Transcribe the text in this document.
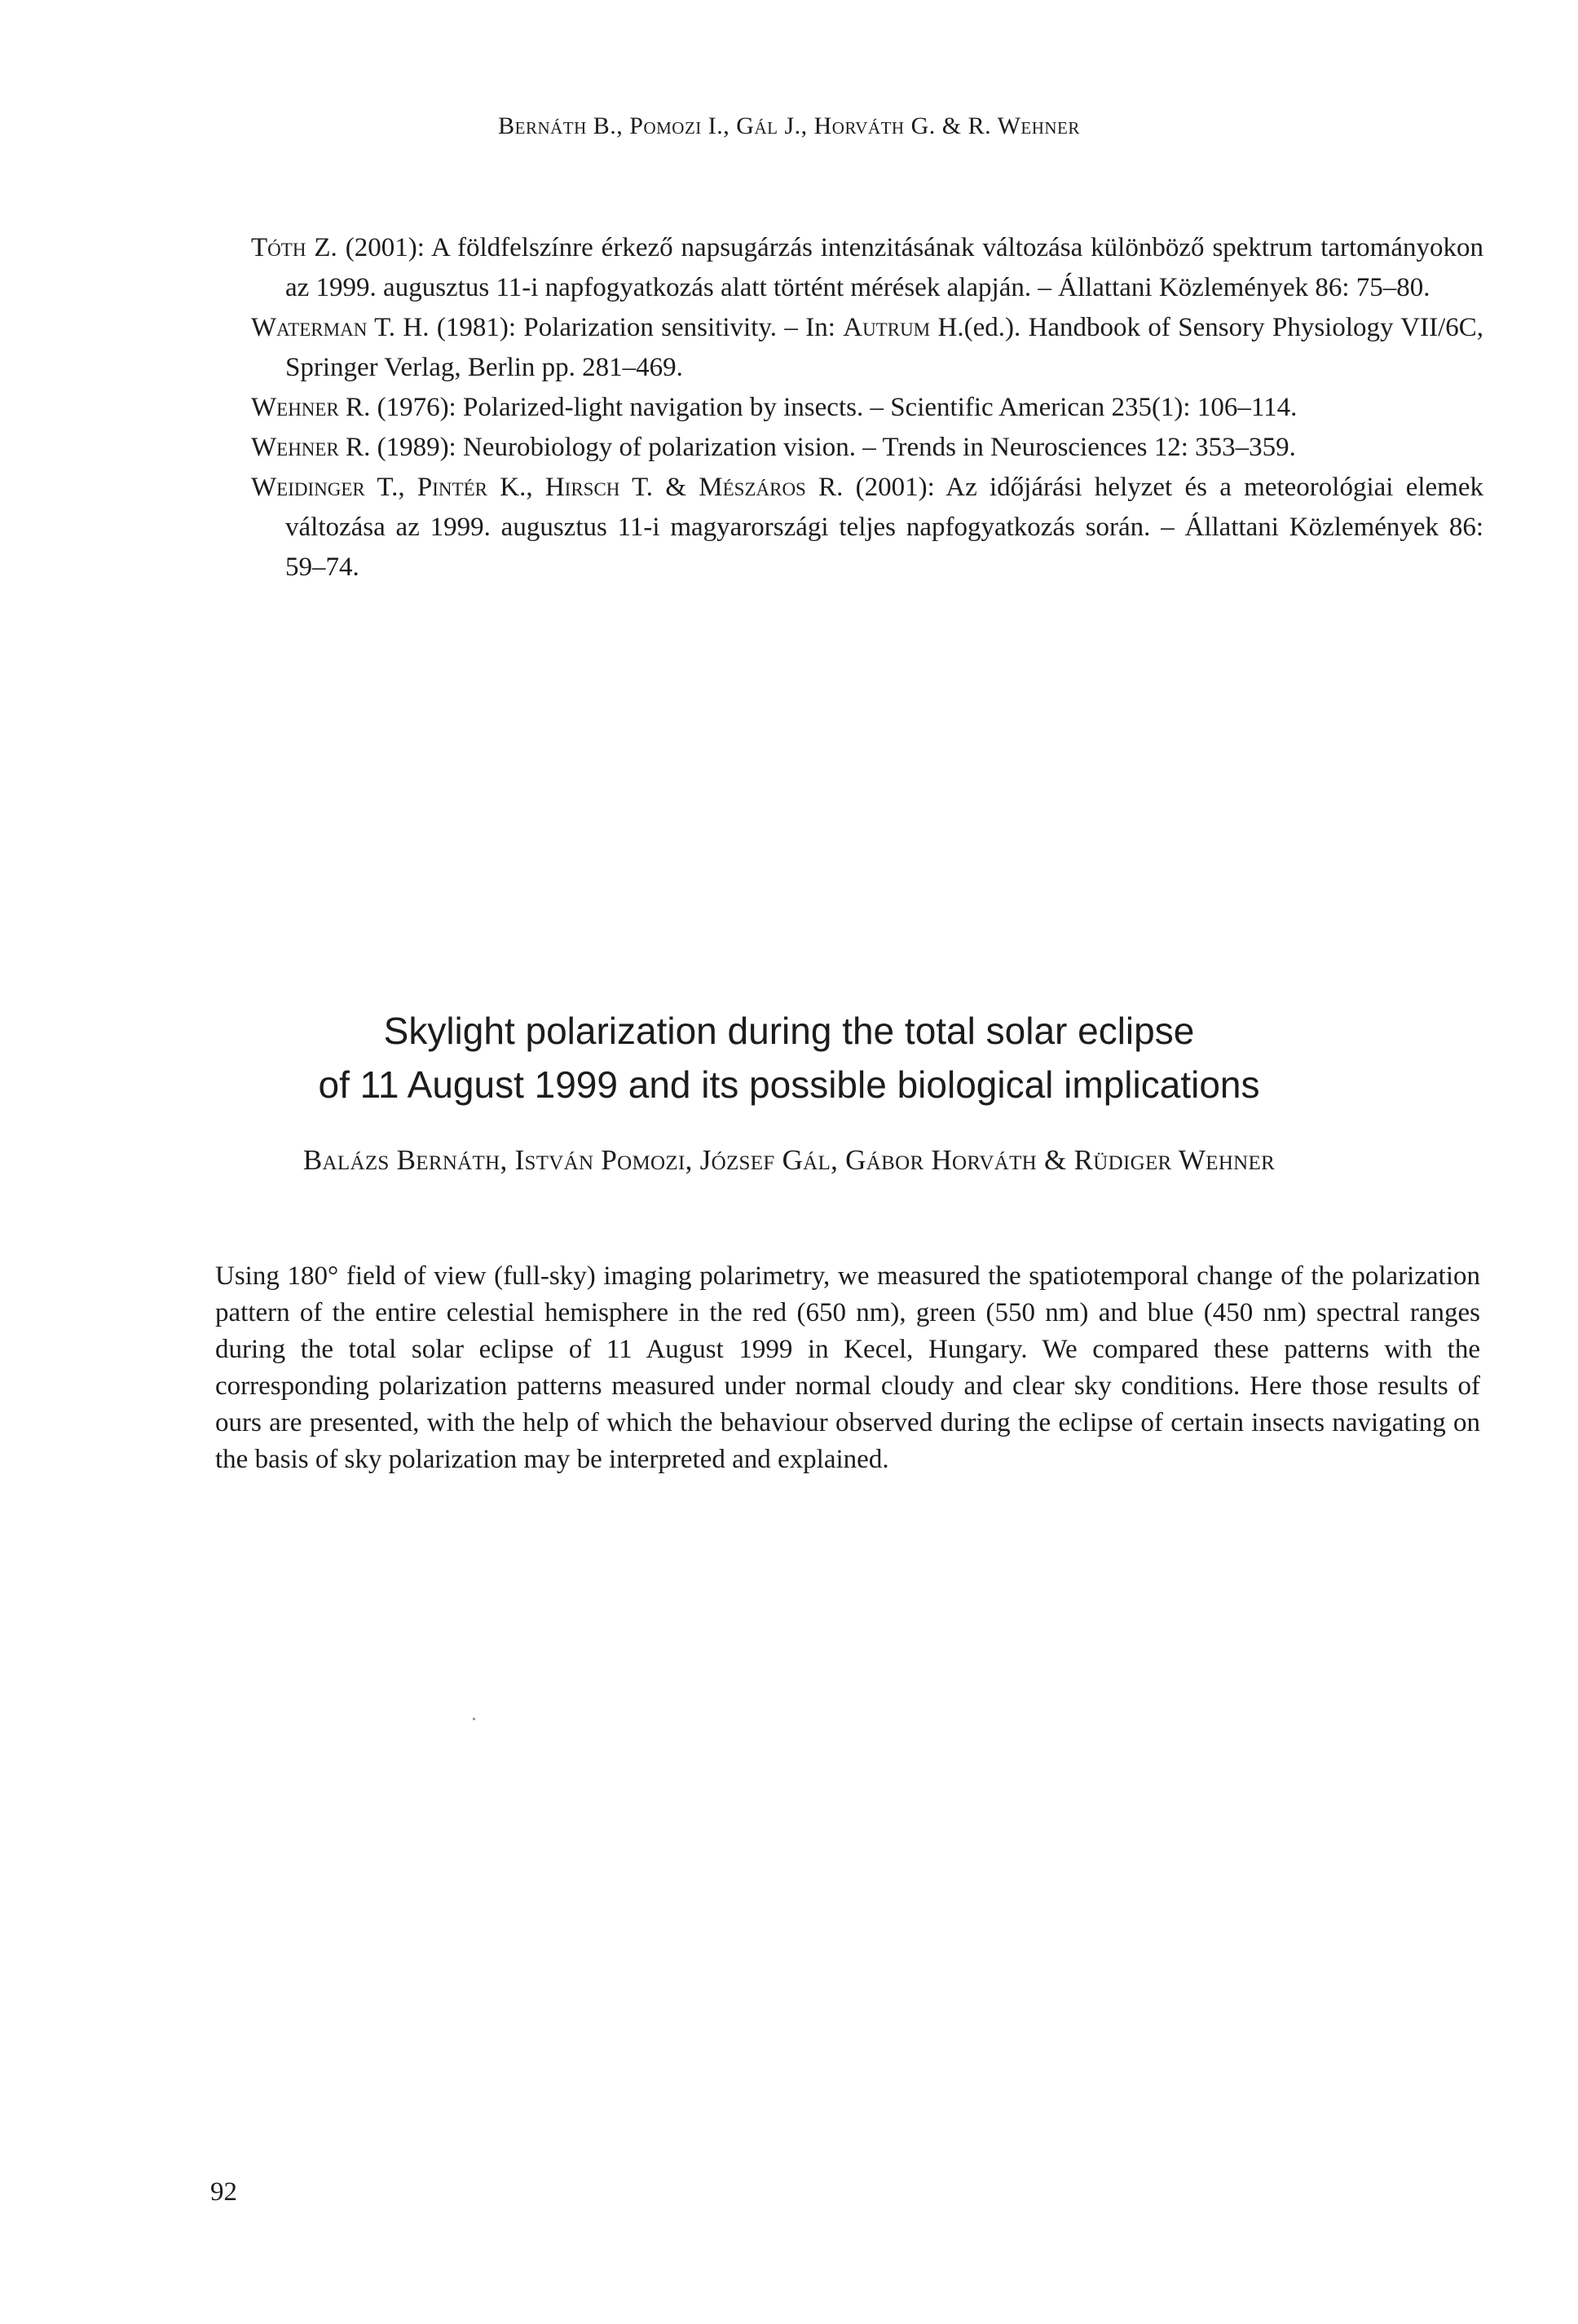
Bernáth B., Pomozi I., Gál J., Horváth G. & R. Wehner
Tóth Z. (2001): A földfelszínre érkező napsugárzás intenzitásának változása különböző spektrum tartományokon az 1999. augusztus 11-i napfogyatkozás alatt történt mérések alapján. – Állattani Közlemények 86: 75–80.
Waterman T. H. (1981): Polarization sensitivity. – In: Autrum H.(ed.). Handbook of Sensory Physiology VII/6C, Springer Verlag, Berlin pp. 281–469.
Wehner R. (1976): Polarized-light navigation by insects. – Scientific American 235(1): 106–114.
Wehner R. (1989): Neurobiology of polarization vision. – Trends in Neurosciences 12: 353–359.
Weidinger T., Pintér K., Hirsch T. & Mészáros R. (2001): Az időjárási helyzet és a meteorológiai elemek változása az 1999. augusztus 11-i magyarországi teljes napfogyatkozás során. – Állattani Közlemények 86: 59–74.
Skylight polarization during the total solar eclipse
of 11 August 1999 and its possible biological implications

Balázs Bernáth, István Pomozi, József Gál, Gábor Horváth & Rüdiger Wehner

Using 180° field of view (full-sky) imaging polarimetry, we measured the spatiotemporal change of the polarization pattern of the entire celestial hemisphere in the red (650 nm), green (550 nm) and blue (450 nm) spectral ranges during the total solar eclipse of 11 August 1999 in Kecel, Hungary. We compared these patterns with the corresponding polarization patterns measured under normal cloudy and clear sky conditions. Here those results of ours are presented, with the help of which the behaviour observed during the eclipse of certain insects navigating on the basis of sky polarization may be interpreted and explained.

92
